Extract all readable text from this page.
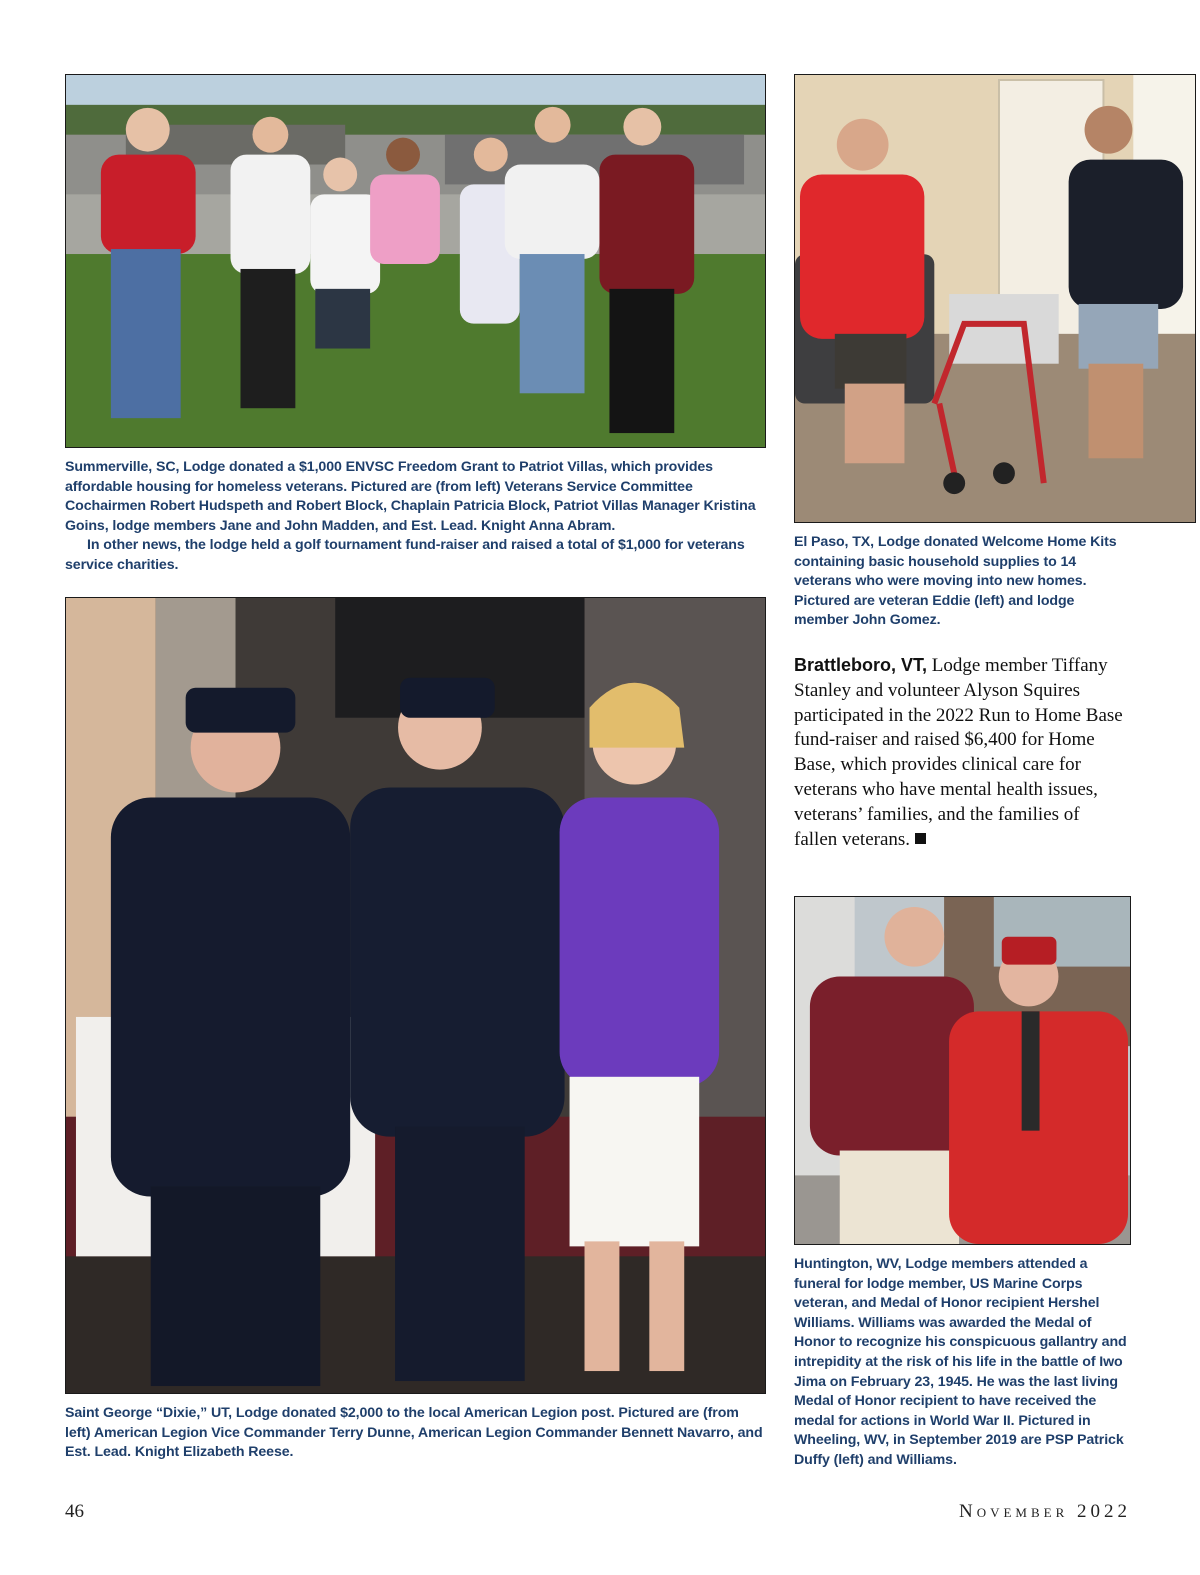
Summerville, SC, Lodge donated a $1,000 ENVSC Freedom Grant to Patriot Villas, which provides affordable housing for homeless veterans. Pictured are (from left) Veterans Service Committee Cochairmen Robert Hudspeth and Robert Block, Chaplain Patricia Block, Patriot Villas Manager Kristina Goins, lodge members Jane and John Madden, and Est. Lead. Knight Anna Abram.

In other news, the lodge held a golf tournament fund-raiser and raised a total of $1,000 for veterans service charities.

El Paso, TX, Lodge donated Welcome Home Kits containing basic household supplies to 14 veterans who were moving into new homes. Pictured are veteran Eddie (left) and lodge member John Gomez.

Brattleboro, VT, Lodge member Tiffany Stanley and volunteer Alyson Squires participated in the 2022 Run to Home Base fund-raiser and raised $6,400 for Home Base, which provides clinical care for veterans who have mental health issues, veterans’ families, and the families of fallen veterans.

Saint George “Dixie,” UT, Lodge donated $2,000 to the local American Legion post. Pictured are (from left) American Legion Vice Commander Terry Dunne, American Legion Commander Bennett Navarro, and Est. Lead. Knight Elizabeth Reese.

Huntington, WV, Lodge members attended a funeral for lodge member, US Marine Corps veteran, and Medal of Honor recipient Hershel Williams. Williams was awarded the Medal of Honor to recognize his conspicuous gallantry and intrepidity at the risk of his life in the battle of Iwo Jima on February 23, 1945. He was the last living Medal of Honor recipient to have received the medal for actions in World War II. Pictured in Wheeling, WV, in September 2019 are PSP Patrick Duffy (left) and Williams.

46	November 2022
